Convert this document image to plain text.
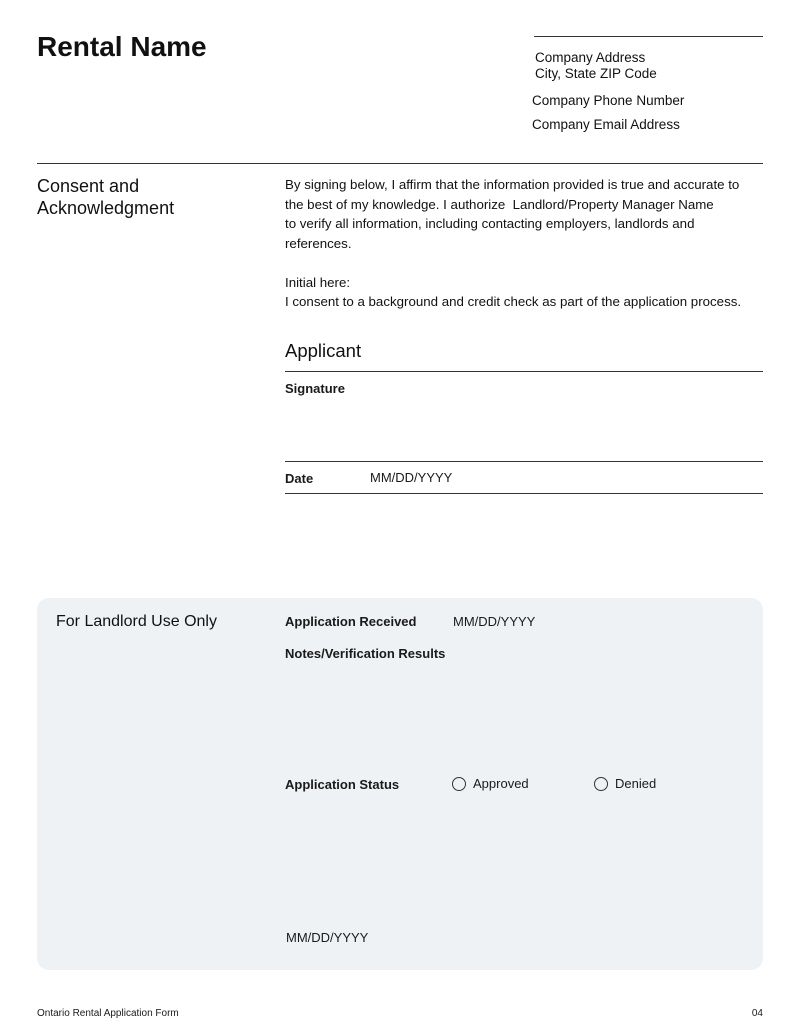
Rental Name	Company Address
City, State ZIP Code
Company Phone Number
Company Email Address
Consent and
Acknowledgment
By signing below, I affirm that the information provided is true and accurate to
the best of my knowledge. I authorize  Landlord/Property Manager Name
to verify all information, including contacting employers, landlords and
references.
Initial here:
I consent to a background and credit check as part of the application process.
Applicant
Signature
Date	MM/DD/YYYY
For Landlord Use Only	Application Received	MM/DD/YYYY
Notes/Verification Results
Application Status	Approved	Denied
MM/DD/YYYY
Ontario Rental Application Form	04
